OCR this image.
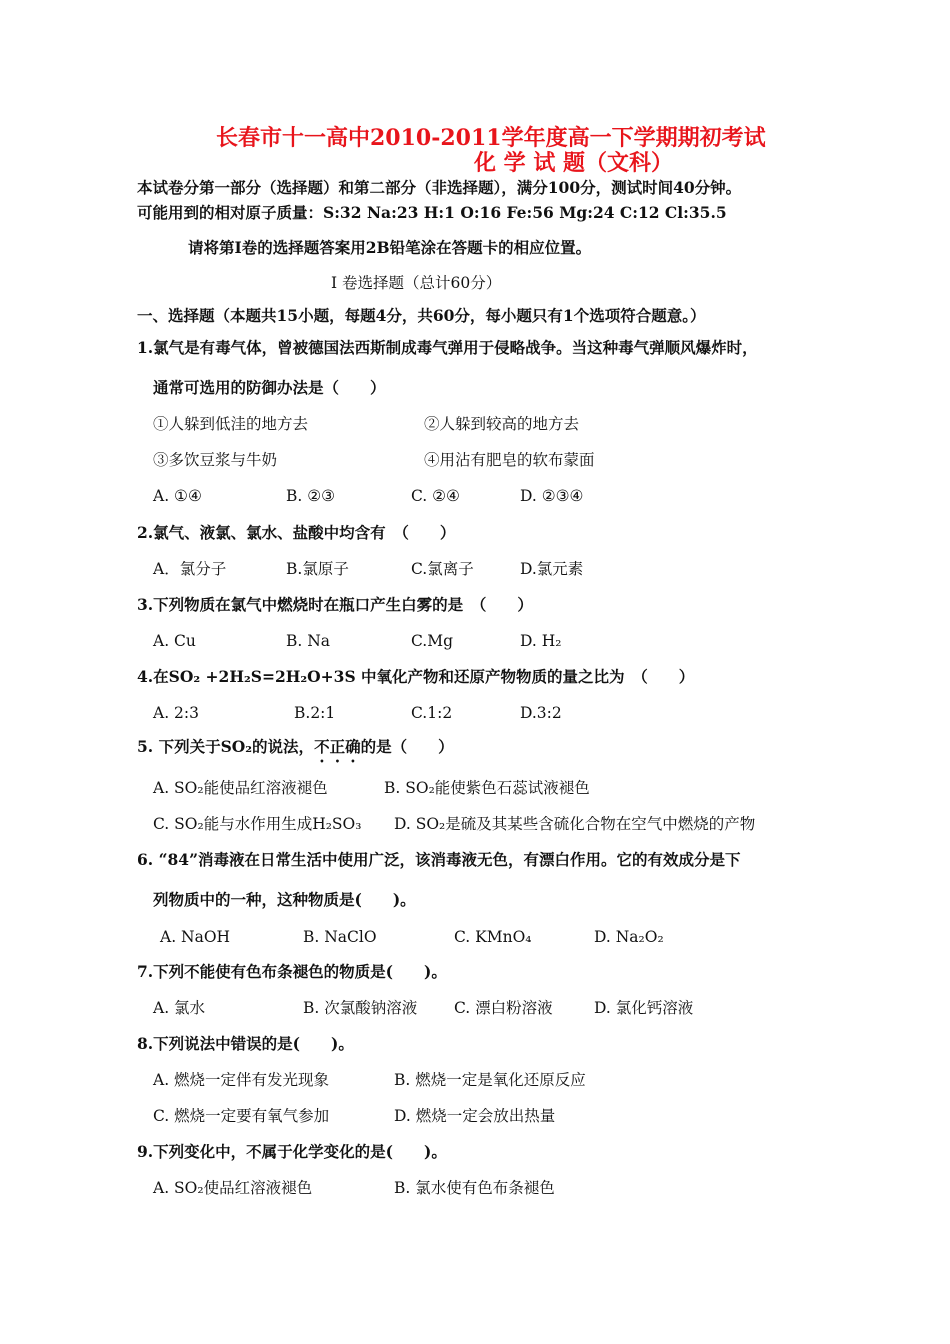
长春市十一高中2010-2011学年度高一下学期期初考试
化 学 试 题（文科）
本试卷分第一部分（选择题）和第二部分（非选择题），满分100分，测试时间40分钟。
可能用到的相对原子质量：S:32 Na:23 H:1 O:16 Fe:56 Mg:24 C:12 Cl:35.5
请将第Ⅰ卷的选择题答案用2B铅笔涂在答题卡的相应位置。
Ⅰ 卷选择题（总计60分）
一、选择题（本题共15小题，每题4分，共60分，每小题只有1个选项符合题意。）
1.氯气是有毒气体，曾被德国法西斯制成毒气弹用于侵略战争。当这种毒气弹顺风爆炸时，
通常可选用的防御办法是（　　）
①人躲到低洼的地方去	②人躲到较高的地方去
③多饮豆浆与牛奶	④用沾有肥皂的软布蒙面
A. ①④	B. ②③	C. ②④	D. ②③④
2.氯气、液氯、氯水、盐酸中均含有　（　　）
A．氯分子	B.氯原子	C.氯离子	D.氯元素
3.下列物质在氯气中燃烧时在瓶口产生白雾的是　（　　）
A. Cu	B. Na	C.Mg	D. H₂
4.在SO₂ +2H₂S=2H₂O+3S 中氧化产物和还原产物物质的量之比为　（　　）
A. 2:3	B.2:1	C.1:2	D.3:2
5. 下列关于SO₂的说法，不正确的是（　　）
A. SO₂能使品红溶液褪色	B. SO₂能使紫色石蕊试液褪色
C. SO₂能与水作用生成H₂SO₃ D. SO₂是硫及其某些含硫化合物在空气中燃烧的产物
6. “84”消毒液在日常生活中使用广泛，该消毒液无色，有漂白作用。它的有效成分是下
列物质中的一种，这种物质是(　　)。
A. NaOH	B. NaClO	C. KMnO₄	D. Na₂O₂
7.下列不能使有色布条褪色的物质是(　　)。
A. 氯水	B. 次氯酸钠溶液 C. 漂白粉溶液	D. 氯化钙溶液
8.下列说法中错误的是(　　)。
A. 燃烧一定伴有发光现象	B. 燃烧一定是氧化还原反应
C. 燃烧一定要有氧气参加	D. 燃烧一定会放出热量
9.下列变化中，不属于化学变化的是(　　)。
A. SO₂使品红溶液褪色	B. 氯水使有色布条褪色
